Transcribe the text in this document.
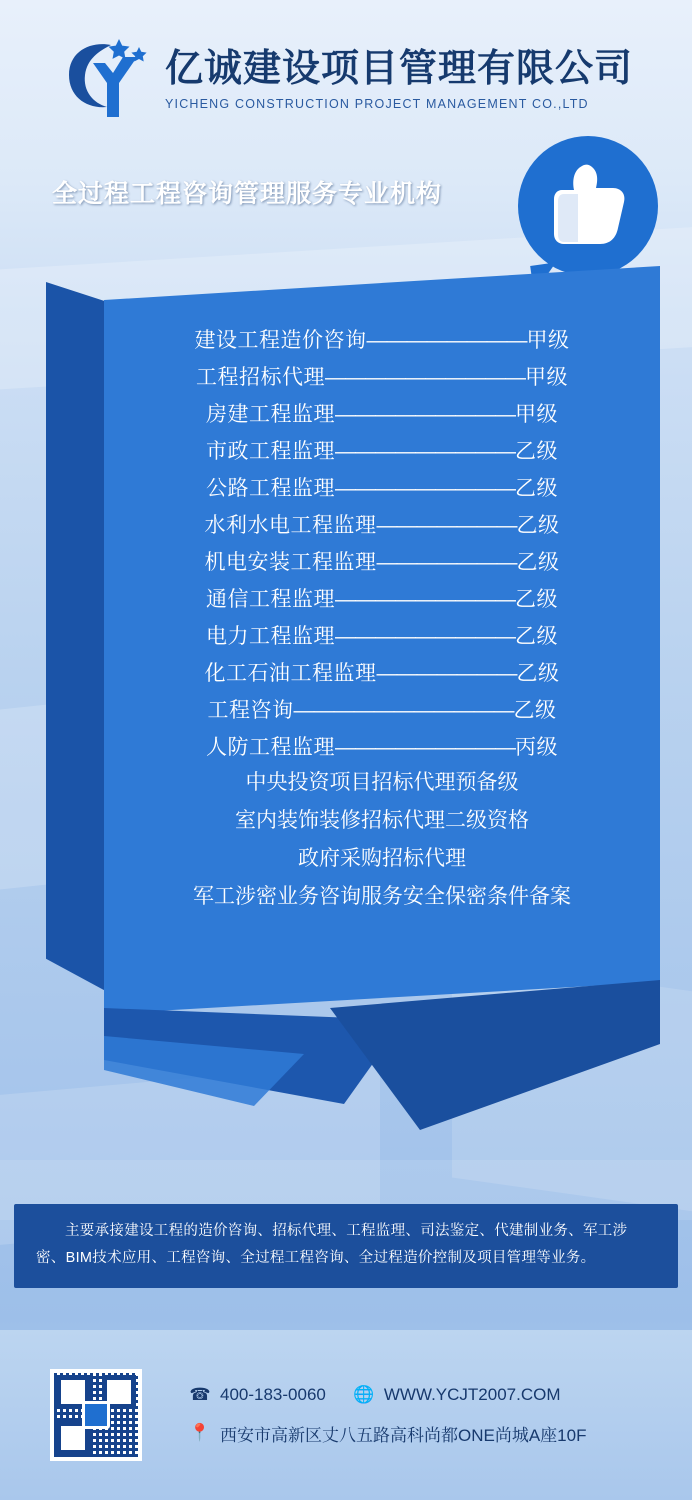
亿诚建设项目管理有限公司
YICHENG CONSTRUCTION PROJECT MANAGEMENT CO.,LTD
全过程工程咨询管理服务专业机构
建设工程造价咨询 ———————— 甲级
工程招标代理 —————————— 甲级
房建工程监理 ————————— 甲级
市政工程监理 ————————— 乙级
公路工程监理 ————————— 乙级
水利水电工程监理 ——————— 乙级
机电安装工程监理 ——————— 乙级
通信工程监理 ————————— 乙级
电力工程监理 ————————— 乙级
化工石油工程监理 ——————— 乙级
工程咨询 ——————————— 乙级
人防工程监理 ————————— 丙级
中央投资项目招标代理预备级
室内装饰装修招标代理二级资格
政府采购招标代理
军工涉密业务咨询服务安全保密条件备案
主要承接建设工程的造价咨询、招标代理、工程监理、司法鉴定、代建制业务、军工涉密、BIM技术应用、工程咨询、全过程工程咨询、全过程造价控制及项目管理等业务。
☎ 400-183-0060 🌐 WWW.YCJT2007.COM
📍 西安市高新区丈八五路高科尚都ONE尚城A座10F
